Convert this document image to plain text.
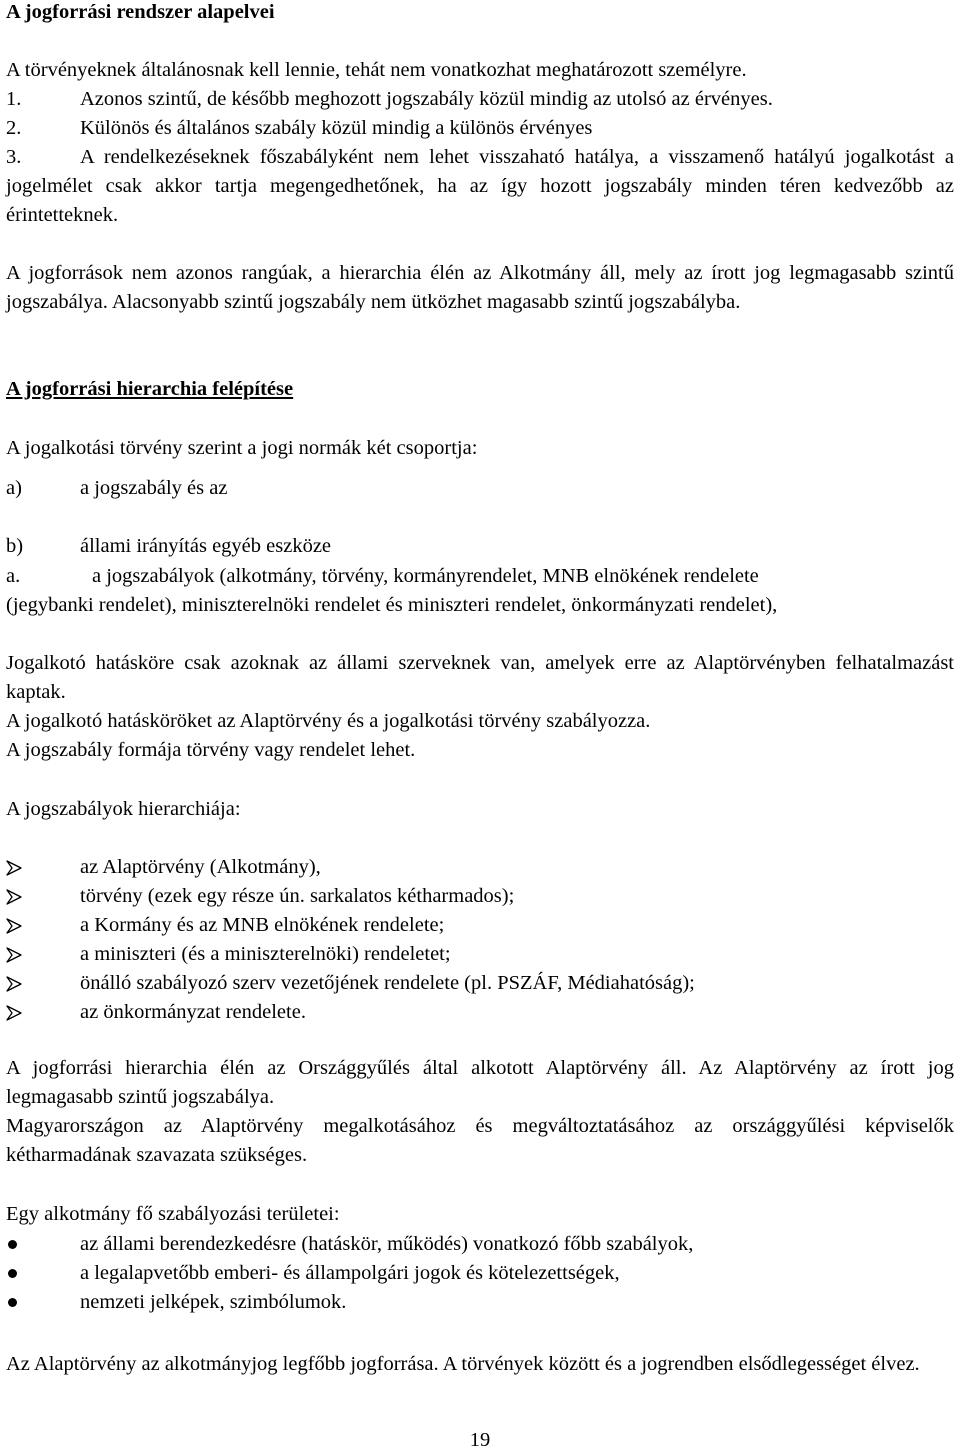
A jogforrási rendszer alapelvei
A törvényeknek általánosnak kell lennie, tehát nem vonatkozhat meghatározott személyre.
1.	Azonos szintű, de később meghozott jogszabály közül mindig az utolsó az érvényes.
2.	Különös és általános szabály közül mindig a különös érvényes
3.	A rendelkezéseknek főszabályként nem lehet visszaható hatálya, a visszamenő hatályú jogalkotást a jogelmélet csak akkor tartja megengedhetőnek, ha az így hozott jogszabály minden téren kedvezőbb az érintetteknek.
A jogforrások nem azonos rangúak, a hierarchia élén az Alkotmány áll, mely az írott jog legmagasabb szintű jogszabálya. Alacsonyabb szintű jogszabály nem ütközhet magasabb szintű jogszabályba.
A jogforrási hierarchia felépítése
A jogalkotási törvény szerint a jogi normák két csoportja:
a)	a jogszabály és az
b)	állami irányítás egyéb eszköze
a.	a jogszabályok (alkotmány, törvény, kormányrendelet, MNB elnökének rendelete
(jegybanki rendelet), miniszterelnöki rendelet és miniszteri rendelet, önkormányzati rendelet),
Jogalkotó hatásköre csak azoknak az állami szerveknek van, amelyek erre az Alaptörvényben felhatalmazást kaptak.
A jogalkotó hatásköröket az Alaptörvény és a jogalkotási törvény szabályozza.
A jogszabály formája törvény vagy rendelet lehet.
A jogszabályok hierarchiája:
az Alaptörvény (Alkotmány),
törvény (ezek egy része ún. sarkalatos kétharmados);
a Kormány és az MNB elnökének rendelete;
a miniszteri (és a miniszterelnöki) rendeletet;
önálló szabályozó szerv vezetőjének rendelete (pl. PSZÁF, Médiahatóság);
az önkormányzat rendelete.
A jogforrási hierarchia élén az Országgyűlés által alkotott Alaptörvény áll. Az Alaptörvény az írott jog legmagasabb szintű jogszabálya.
Magyarországon az Alaptörvény megalkotásához és megváltoztatásához az országgyűlési képviselők kétharmadának szavazata szükséges.
Egy alkotmány fő szabályozási területei:
az állami berendezkedésre (hatáskör, működés) vonatkozó főbb szabályok,
a legalapvetőbb emberi- és állampolgári jogok és kötelezettségek,
nemzeti jelképek, szimbólumok.
Az Alaptörvény az alkotmányjog legfőbb jogforrása. A törvények között és a jogrendben elsődlegességet élvez.
19
